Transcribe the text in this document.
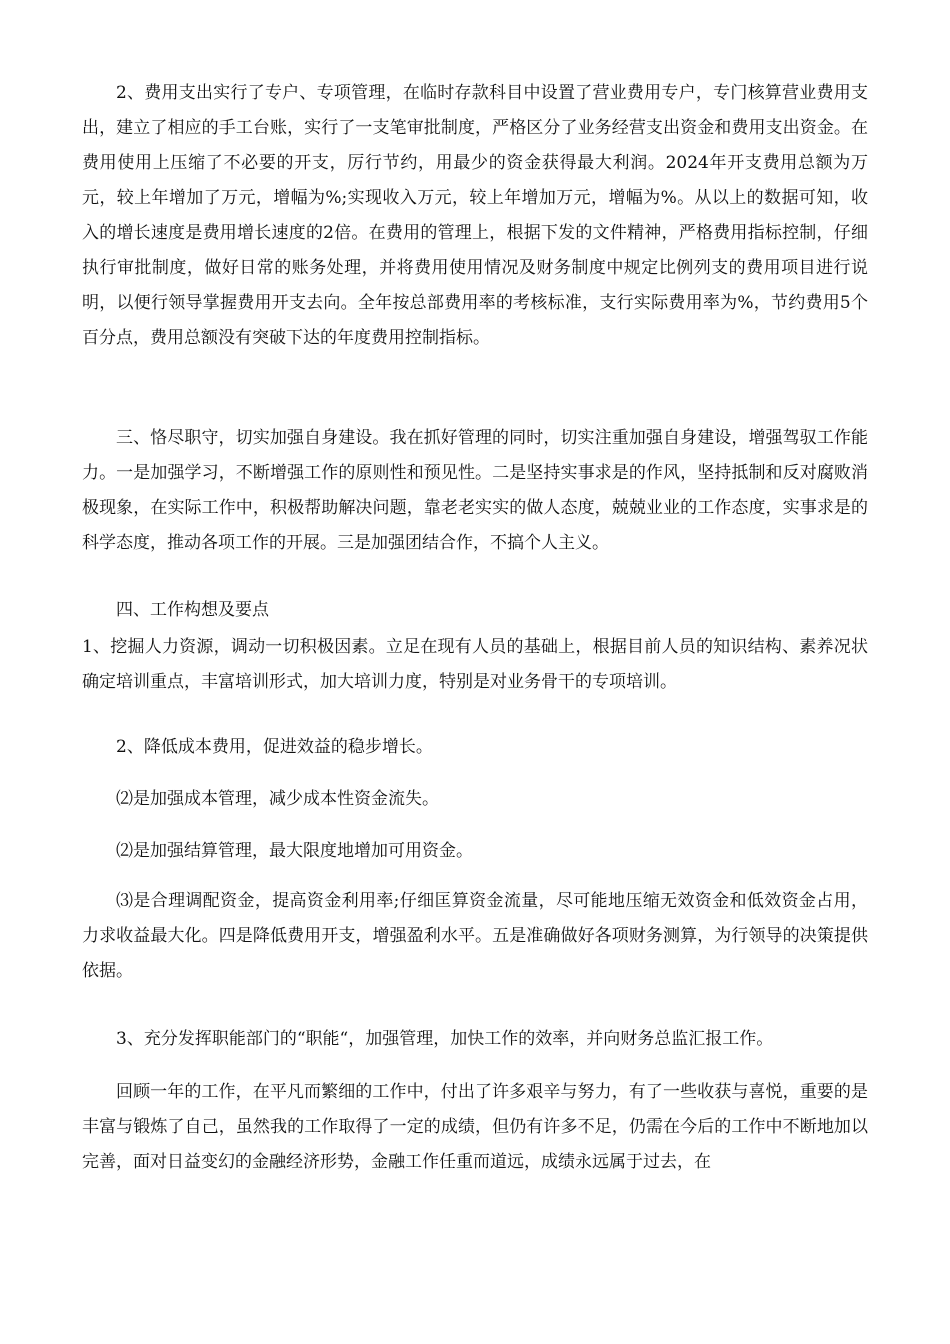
2、费用支出实行了专户、专项管理，在临时存款科目中设置了营业费用专户，专门核算营业费用支出，建立了相应的手工台账，实行了一支笔审批制度，严格区分了业务经营支出资金和费用支出资金。在费用使用上压缩了不必要的开支，厉行节约，用最少的资金获得最大利润。2024年开支费用总额为万元，较上年增加了万元，增幅为%;实现收入万元，较上年增加万元，增幅为%。从以上的数据可知，收入的增长速度是费用增长速度的2倍。在费用的管理上，根据下发的文件精神，严格费用指标控制，仔细执行审批制度，做好日常的账务处理，并将费用使用情况及财务制度中规定比例列支的费用项目进行说明，以便行领导掌握费用开支去向。全年按总部费用率的考核标准，支行实际费用率为%，节约费用5个百分点，费用总额没有突破下达的年度费用控制指标。

三、恪尽职守，切实加强自身建设。我在抓好管理的同时，切实注重加强自身建设，增强驾驭工作能力。一是加强学习，不断增强工作的原则性和预见性。二是坚持实事求是的作风，坚持抵制和反对腐败消极现象，在实际工作中，积极帮助解决问题，靠老老实实的做人态度，兢兢业业的工作态度，实事求是的科学态度，推动各项工作的开展。三是加强团结合作，不搞个人主义。

四、工作构想及要点

1、挖掘人力资源，调动一切积极因素。立足在现有人员的基础上，根据目前人员的知识结构、素养况状确定培训重点，丰富培训形式，加大培训力度，特别是对业务骨干的专项培训。

2、降低成本费用，促进效益的稳步增长。

⑵是加强成本管理，减少成本性资金流失。

⑵是加强结算管理，最大限度地增加可用资金。

⑶是合理调配资金，提高资金利用率;仔细匡算资金流量，尽可能地压缩无效资金和低效资金占用，力求收益最大化。四是降低费用开支，增强盈利水平。五是准确做好各项财务测算，为行领导的决策提供依据。

3、充分发挥职能部门的“职能“，加强管理，加快工作的效率，并向财务总监汇报工作。

回顾一年的工作，在平凡而繁细的工作中，付出了许多艰辛与努力，有了一些收获与喜悦，重要的是丰富与锻炼了自己，虽然我的工作取得了一定的成绩，但仍有许多不足，仍需在今后的工作中不断地加以完善，面对日益变幻的金融经济形势，金融工作任重而道远，成绩永远属于过去，在
